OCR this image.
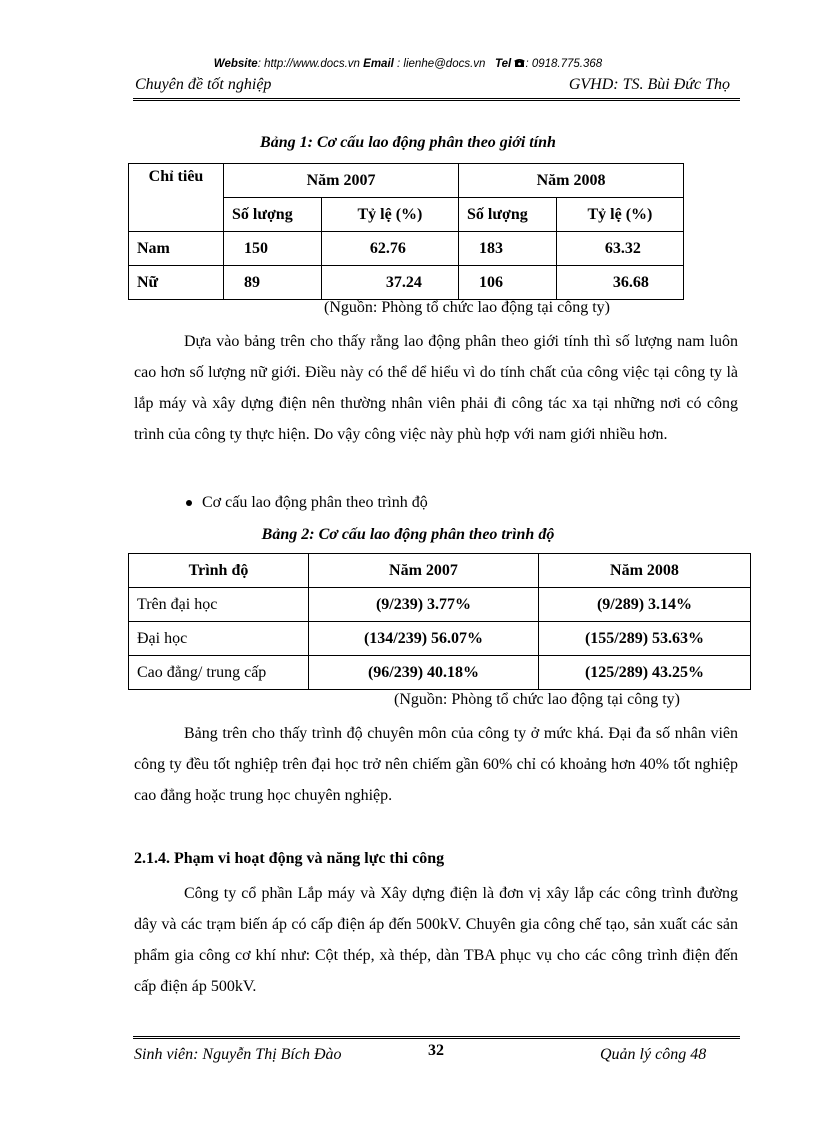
Website: http://www.docs.vn Email : lienhe@docs.vn Tel : 0918.775.368
Chuyên đề tốt nghiệp	GVHD: TS. Bùi Đức Thọ
Bảng 1: Cơ cấu lao động phân theo giới tính
Chỉ tiêu	Năm 2007		Năm 2008	
	Số lượng	Tỷ lệ (%)	Số lượng	Tỷ lệ (%)
Nam	150	62.76	183	63.32
Nữ	89	37.24	106	36.68
(Nguồn: Phòng tổ chức lao động tại công ty)

Dựa vào bảng trên cho thấy rằng lao động phân theo giới tính thì số lượng nam luôn cao hơn số lượng nữ giới. Điều này có thể dể hiểu vì do tính chất của công việc tại công ty là lắp máy và xây dựng điện nên thường nhân viên phải đi công tác xa tại những nơi có công trình của công ty thực hiện. Do vậy công việc này phù hợp với nam giới nhiều hơn.

Cơ cấu lao động phân theo trình độ
Bảng 2: Cơ cấu lao động phân theo trình độ
Trình độ	Năm 2007	Năm 2008
Trên đại học	(9/239) 3.77%	(9/289) 3.14%
Đại học	(134/239) 56.07%	(155/289) 53.63%
Cao đẳng/ trung cấp	(96/239) 40.18%	(125/289) 43.25%
(Nguồn: Phòng tổ chức lao động tại công ty)

Bảng trên cho thấy trình độ chuyên môn của công ty ở mức khá. Đại đa số nhân viên công ty đều tốt nghiệp trên đại học trở nên chiếm gần 60% chỉ có khoảng hơn 40% tốt nghiệp cao đẳng hoặc trung học chuyên nghiệp.

2.1.4. Phạm vi hoạt động và năng lực thi công

Công ty cổ phần Lắp máy và Xây dựng điện là đơn vị xây lắp các công trình đường dây và các trạm biến áp có cấp điện áp đến 500kV. Chuyên gia công chế tạo, sản xuất các sản phẩm gia công cơ khí như: Cột thép, xà thép, dàn TBA phục vụ cho các công trình điện đến cấp điện áp 500kV.

Sinh viên: Nguyễn Thị Bích Đào	32	Quản lý công 48
